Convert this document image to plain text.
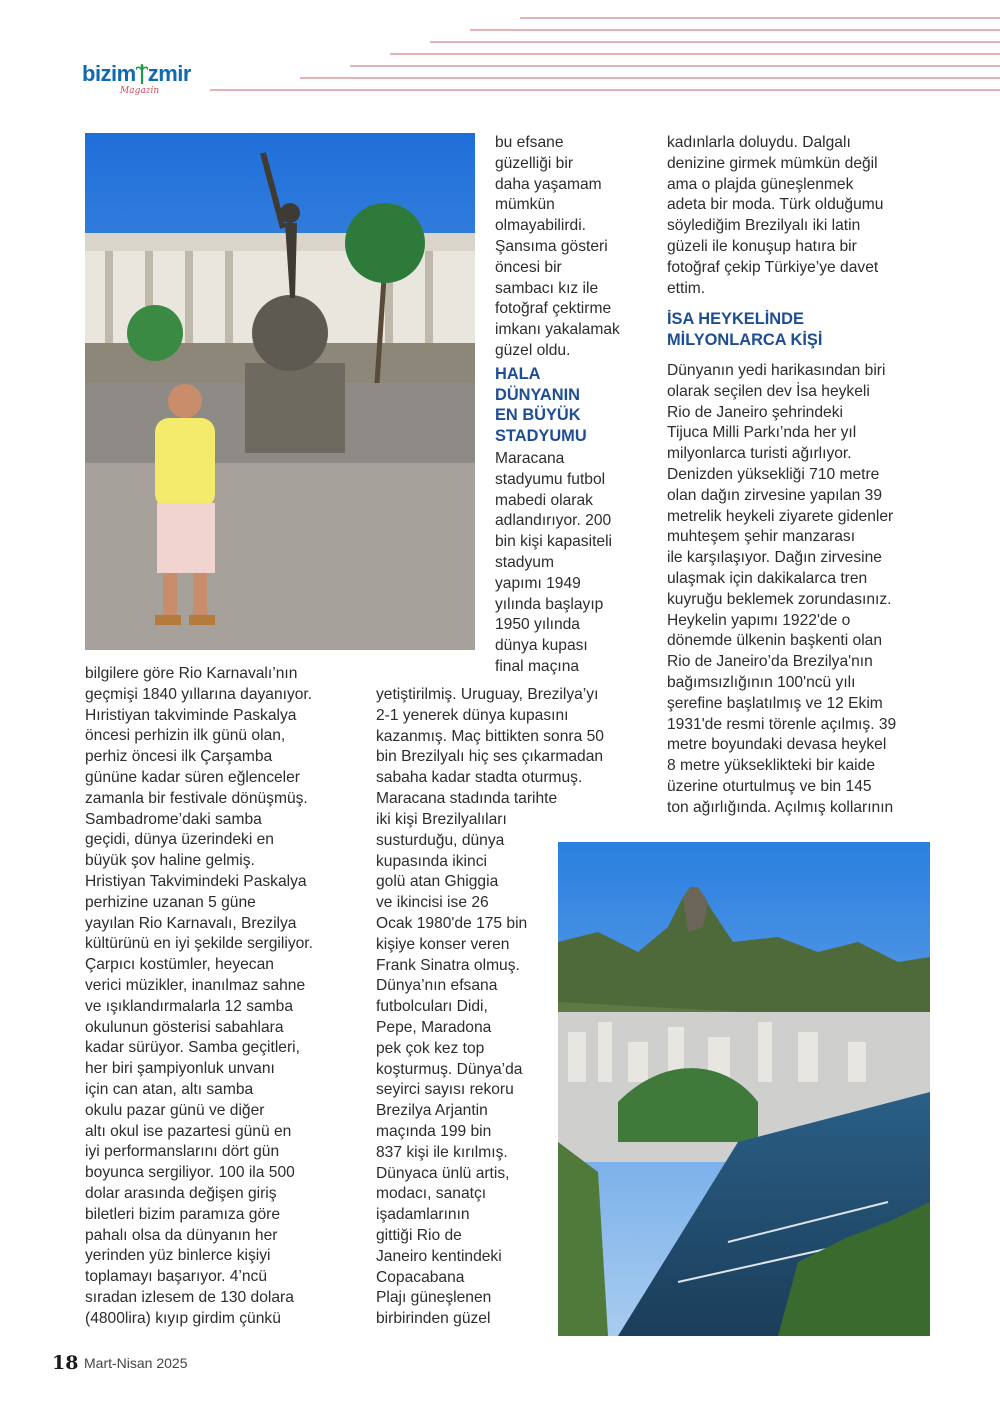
bizim zmir
Magazin

bu efsane

güzelliği bir

daha yaşamam

mümkün

olmayabilirdi.

Şansıma gösteri

öncesi bir

sambacı kız ile

fotoğraf çektirme

imkanı yakalamak

güzel oldu.

HALA

DÜNYANIN

EN BÜYÜK

STADYUMU

Maracana

stadyumu futbol

mabedi olarak

adlandırıyor. 200

bin kişi kapasiteli

stadyum

yapımı 1949

yılında başlayıp

1950 yılında

dünya kupası

final maçına

yetiştirilmiş. Uruguay, Brezilya’yı

2-1 yenerek dünya kupasını

kazanmış. Maç bittikten sonra 50

bin Brezilyalı hiç ses çıkarmadan

sabaha kadar stadta oturmuş.

Maracana stadında tarihte

iki kişi Brezilyalıları

susturduğu, dünya

kupasında ikinci

golü atan Ghiggia

ve ikincisi ise 26

Ocak 1980'de 175 bin

kişiye konser veren

Frank Sinatra olmuş.

Dünya’nın efsana

futbolcuları Didi,

Pepe, Maradona

pek çok kez top

koşturmuş. Dünya’da

seyirci sayısı rekoru

Brezilya Arjantin

maçında 199 bin

837 kişi ile kırılmış.

Dünyaca ünlü artis,

modacı, sanatçı

işadamlarının

gittiği Rio de

Janeiro kentindeki

Copacabana

Plajı güneşlenen

birbirinden güzel

bilgilere göre Rio Karnavalı’nın

geçmişi 1840 yıllarına dayanıyor.

Hıristiyan takviminde Paskalya

öncesi perhizin ilk günü olan,

perhiz öncesi ilk Çarşamba

gününe kadar süren eğlenceler

zamanla bir festivale dönüşmüş.

Sambadrome’daki samba

geçidi, dünya üzerindeki en

büyük şov haline gelmiş.

Hristiyan Takvimindeki Paskalya

perhizine uzanan 5 güne

yayılan Rio Karnavalı, Brezilya

kültürünü en iyi şekilde sergiliyor.

Çarpıcı kostümler, heyecan

verici müzikler, inanılmaz sahne

ve ışıklandırmalarla 12 samba

okulunun gösterisi sabahlara

kadar sürüyor. Samba geçitleri,

her biri şampiyonluk unvanı

için can atan, altı samba

okulu pazar günü ve diğer

altı okul ise pazartesi günü en

iyi performanslarını dört gün

boyunca sergiliyor. 100 ila 500

dolar arasında değişen giriş

biletleri bizim paramıza göre

pahalı olsa da dünyanın her

yerinden yüz binlerce kişiyi

toplamayı başarıyor. 4’ncü

sıradan izlesem de 130 dolara

(4800lira) kıyıp girdim çünkü

kadınlarla doluydu. Dalgalı

denizine girmek mümkün değil

ama o plajda güneşlenmek

adeta bir moda. Türk olduğumu

söylediğim Brezilyalı iki latin

güzeli ile konuşup hatıra bir

fotoğraf çekip Türkiye’ye davet

ettim.

İSA HEYKELİNDE

MİLYONLARCA KİŞİ

Dünyanın yedi harikasından biri

olarak seçilen dev İsa heykeli

Rio de Janeiro şehrindeki

Tijuca Milli Parkı’nda her yıl

milyonlarca turisti ağırlıyor.

Denizden yüksekliği 710 metre

olan dağın zirvesine yapılan 39

metrelik heykeli ziyarete gidenler

muhteşem şehir manzarası

ile karşılaşıyor. Dağın zirvesine

ulaşmak için dakikalarca tren

kuyruğu beklemek zorundasınız.

Heykelin yapımı 1922'de o

dönemde ülkenin başkenti olan

Rio de Janeiro’da Brezilya'nın

bağımsızlığının 100'ncü yılı

şerefine başlatılmış ve 12 Ekim

1931'de resmi törenle açılmış. 39

metre boyundaki devasa heykel

8 metre yükseklikteki bir kaide

üzerine oturtulmuş ve bin 145

ton ağırlığında. Açılmış kollarının

18 Mart-Nisan 2025
